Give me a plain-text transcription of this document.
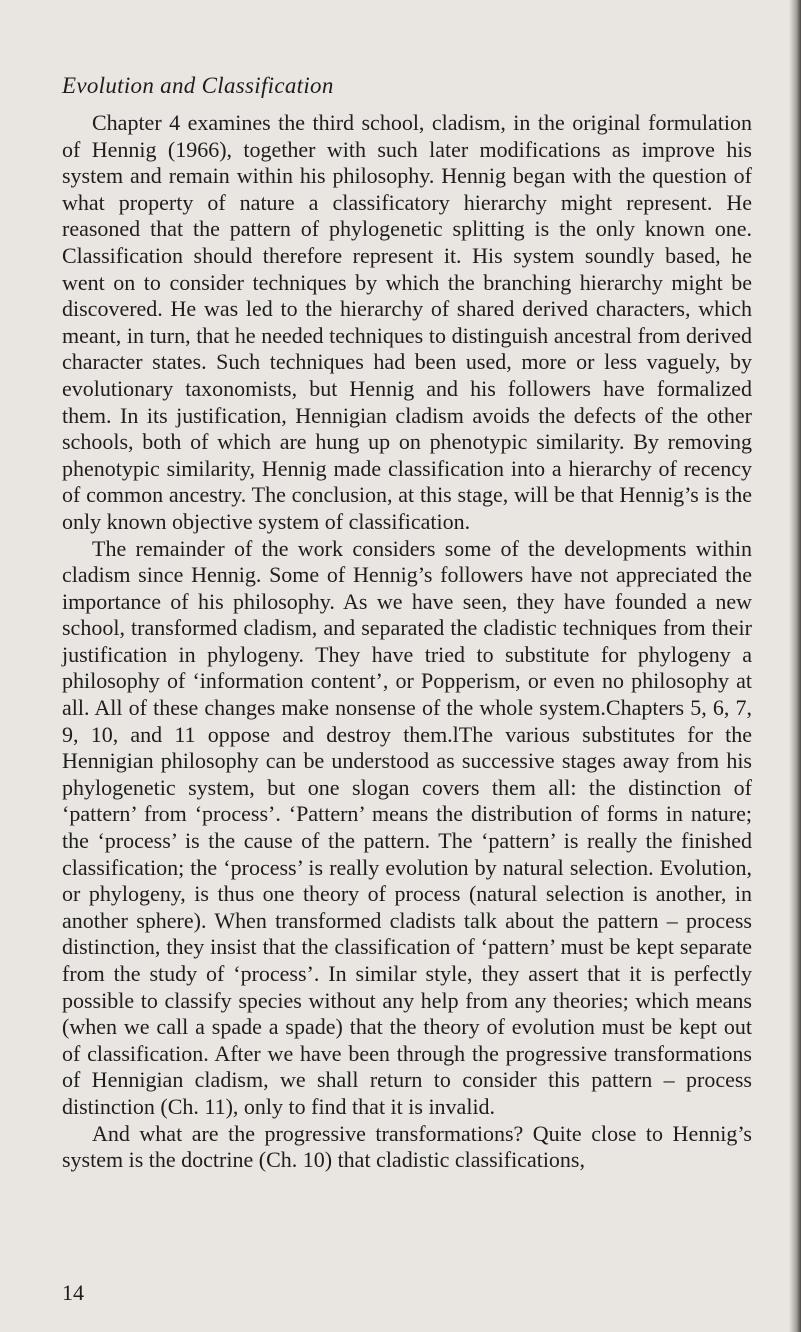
Evolution and Classification

Chapter 4 examines the third school, cladism, in the original formulation of Hennig (1966), together with such later modifications as improve his system and remain within his philosophy. Hennig began with the question of what property of nature a classificatory hierarchy might represent. He reasoned that the pattern of phylogenetic splitting is the only known one. Classification should therefore represent it. His system soundly based, he went on to consider techniques by which the branching hierarchy might be discovered. He was led to the hierarchy of shared derived characters, which meant, in turn, that he needed techniques to distinguish ancestral from derived character states. Such techniques had been used, more or less vaguely, by evolutionary taxonomists, but Hennig and his followers have formalized them. In its justification, Hennigian cladism avoids the defects of the other schools, both of which are hung up on phenotypic similarity. By removing phenotypic similarity, Hennig made classification into a hierarchy of recency of common ancestry. The conclusion, at this stage, will be that Hennig’s is the only known objective system of classification.

The remainder of the work considers some of the developments within cladism since Hennig. Some of Hennig’s followers have not appreciated the importance of his philosophy. As we have seen, they have founded a new school, transformed cladism, and separated the cladistic techniques from their justification in phylogeny. They have tried to substitute for phylogeny a philosophy of ‘information content’, or Popperism, or even no philosophy at all. All of these changes make nonsense of the whole system.Chapters 5, 6, 7, 9, 10, and 11 oppose and destroy them.lThe various substitutes for the Hennigian philosophy can be understood as successive stages away from his phylogenetic system, but one slogan covers them all: the distinction of ‘pattern’ from ‘process’. ‘Pattern’ means the distribution of forms in nature; the ‘process’ is the cause of the pattern. The ‘pattern’ is really the finished classification; the ‘process’ is really evolution by natural selection. Evolution, or phylogeny, is thus one theory of process (natural selection is another, in another sphere). When transformed cladists talk about the pattern – process distinction, they insist that the classification of ‘pattern’ must be kept separate from the study of ‘process’. In similar style, they assert that it is perfectly possible to classify species without any help from any theories; which means (when we call a spade a spade) that the theory of evolution must be kept out of classification. After we have been through the progressive transformations of Hennigian cladism, we shall return to consider this pattern – process distinction (Ch. 11), only to find that it is invalid.

And what are the progressive transformations? Quite close to Hennig’s system is the doctrine (Ch. 10) that cladistic classifications,

14
